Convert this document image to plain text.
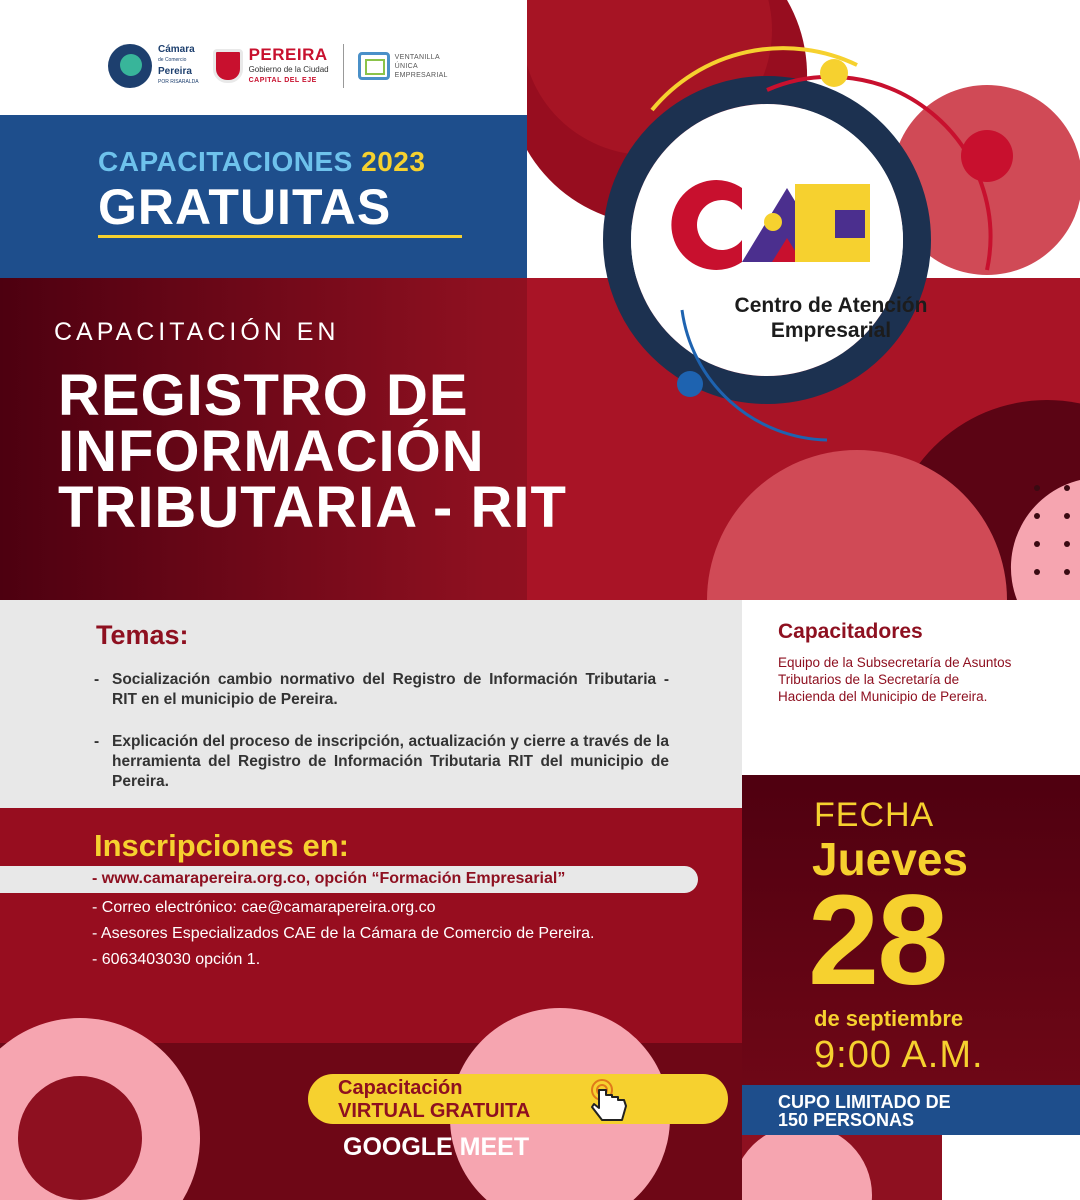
Cámara
de Comercio
Pereira
POR RISARALDA
PEREIRA
Gobierno de la Ciudad
CAPITAL DEL EJE
VENTANILLA
ÚNICA
EMPRESARIAL
CAPACITACIONES 2023
GRATUITAS
Centro de Atención
Empresarial
CAPACITACIÓN EN
REGISTRO DE
INFORMACIÓN
TRIBUTARIA - RIT
Temas:
- Socialización cambio normativo del Registro de Información Tributaria - RIT en el municipio de Pereira.
- Explicación del proceso de inscripción, actualización y cierre a través de la herramienta del Registro de Información Tributaria RIT del municipio de Pereira.
Capacitadores
Equipo de la Subsecretaría de Asuntos Tributarios de la Secretaría de Hacienda del Municipio de Pereira.
Inscripciones en:
- www.camarapereira.org.co, opción “Formación Empresarial”
- Correo electrónico: cae@camarapereira.org.co
- Asesores Especializados CAE de la Cámara de Comercio de Pereira.
- 6063403030 opción 1.
FECHA
Jueves
28
de septiembre
9:00 A.M.
CUPO LIMITADO DE
150 PERSONAS
Capacitación
VIRTUAL GRATUITA
GOOGLE MEET
